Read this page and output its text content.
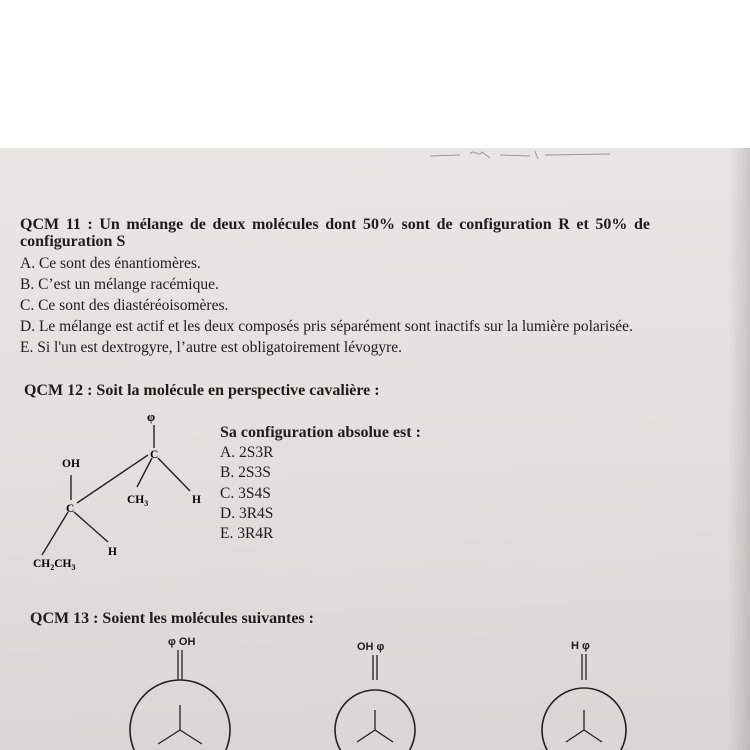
QCM 11 : Un mélange de deux molécules dont 50% sont de configuration R et 50% de
configuration S
A. Ce sont des énantiomères.
B. C’est un mélange racémique.
C. Ce sont des diastéréoisomères.
D. Le mélange est actif et les deux composés pris séparément sont inactifs sur la lumière polarisée.
E. Si l'un est dextrogyre, l’autre est obligatoirement lévogyre.
QCM 12 : Soit la molécule en perspective cavalière :
φ
C
OH
C
$CH_3$	H
H
$CH_2CH_3$
Sa configuration absolue est :
A. 2S3R
B. 2S3S
C. 3S4S
D. 3R4S
E. 3R4R
QCM 13 : Soient les molécules suivantes :
φ OH	OH φ	H φ
